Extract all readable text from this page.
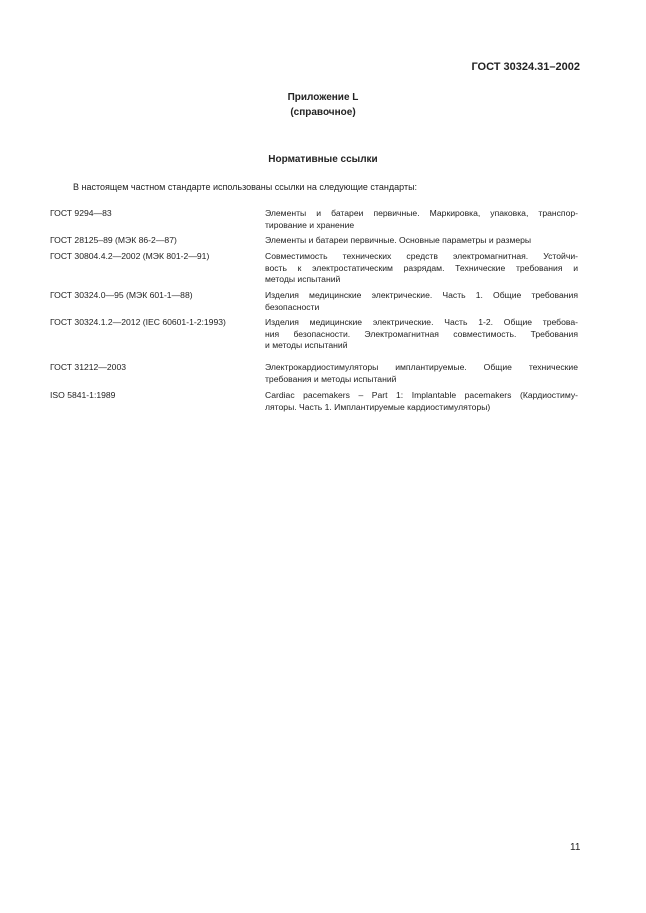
ГОСТ 30324.31–2002
Приложение L
(справочное)
Нормативные ссылки
В настоящем частном стандарте использованы ссылки на следующие стандарты:
ГОСТ 9294—83	Элементы и батареи первичные. Маркировка, упаковка, транспор-
тирование и хранение
ГОСТ 28125–89 (МЭК 86-2—87)	Элементы и батареи первичные. Основные параметры и размеры
ГОСТ 30804.4.2—2002 (МЭК 801-2—91)	Совместимость технических средств электромагнитная. Устойчи-
вость к электростатическим разрядам. Технические требования и
методы испытаний
ГОСТ 30324.0—95 (МЭК 601-1—88)	Изделия медицинские электрические. Часть 1. Общие требования
безопасности
ГОСТ 30324.1.2—2012 (IEC 60601-1-2:1993)	Изделия медицинские электрические. Часть 1-2. Общие требова-
ния безопасности. Электромагнитная совместимость. Требования
и методы испытаний
ГОСТ 31212—2003	Электрокардиостимуляторы имплантируемые. Общие технические
требования и методы испытаний
ISO 5841-1:1989	Cardiac pacemakers – Part 1: Implantable pacemakers (Кардиостиму-
ляторы. Часть 1. Имплантируемые кардиостимуляторы)
11
